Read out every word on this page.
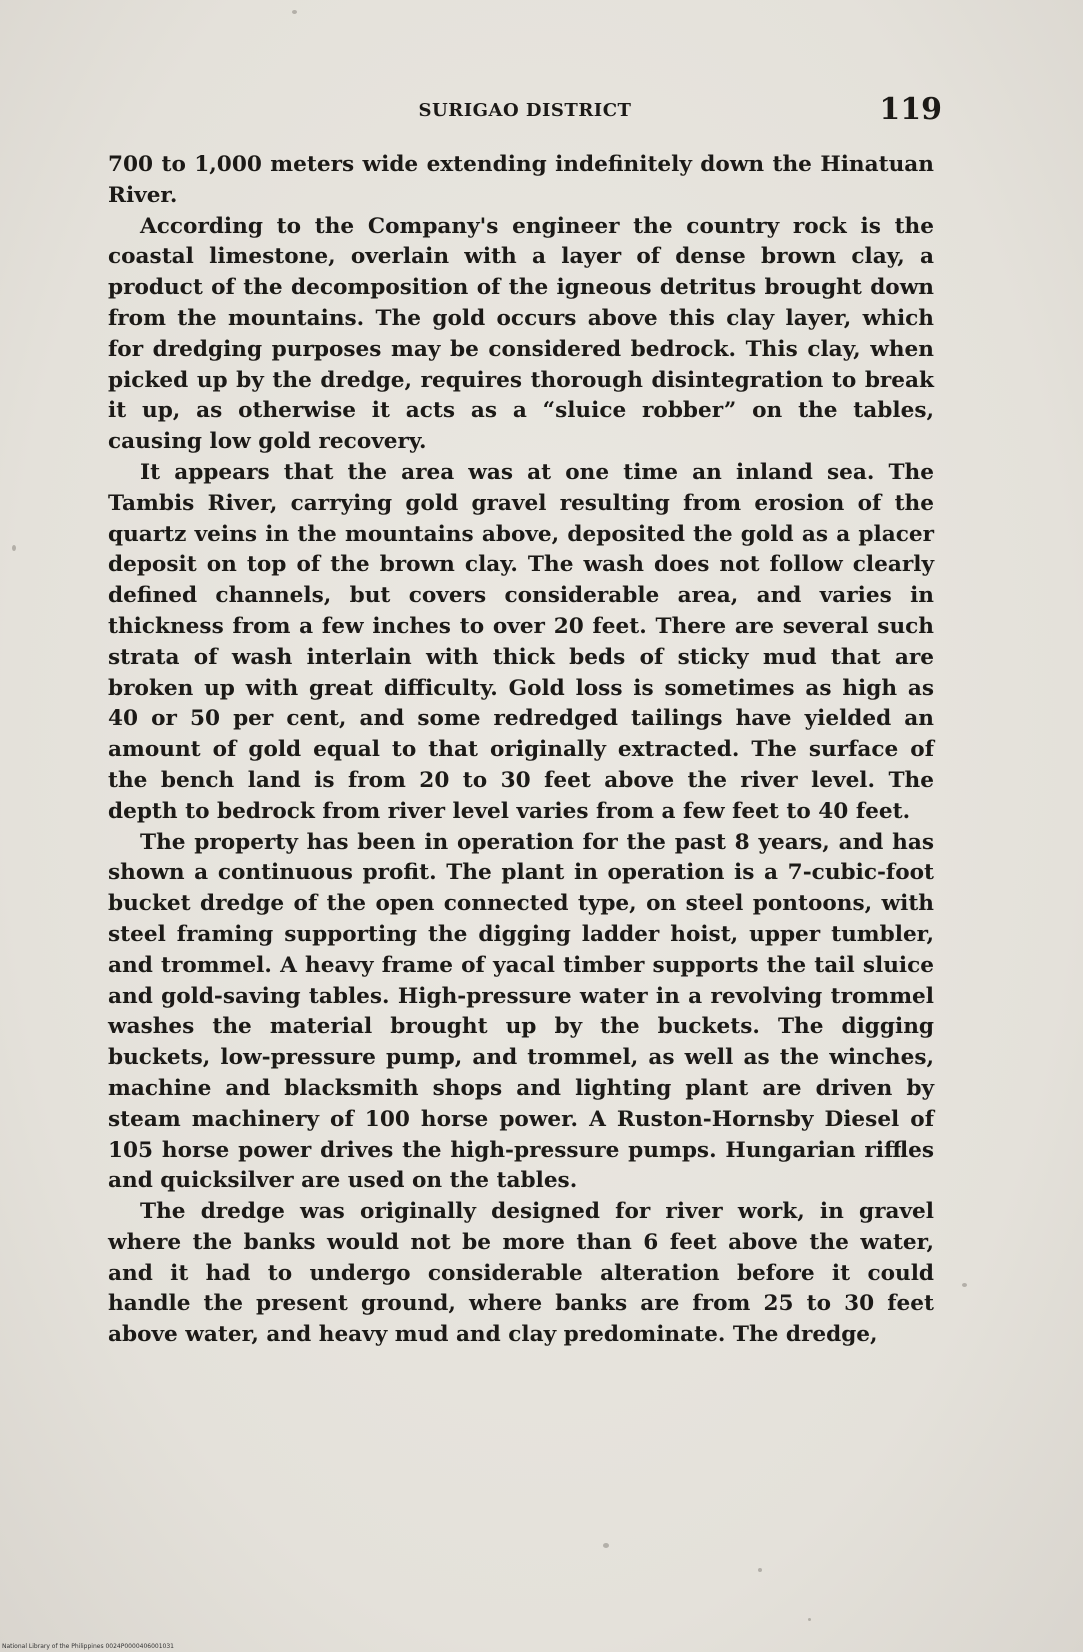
SURIGAO DISTRICT	119

700 to 1,000 meters wide extending indefinitely down the Hinatuan River.

According to the Company's engineer the country rock is the coastal limestone, overlain with a layer of dense brown clay, a product of the decomposition of the igneous detritus brought down from the mountains. The gold occurs above this clay layer, which for dredging purposes may be considered bedrock. This clay, when picked up by the dredge, requires thorough disintegration to break it up, as otherwise it acts as a “sluice robber” on the tables, causing low gold recovery.

It appears that the area was at one time an inland sea. The Tambis River, carrying gold gravel resulting from erosion of the quartz veins in the mountains above, deposited the gold as a placer deposit on top of the brown clay. The wash does not follow clearly defined channels, but covers considerable area, and varies in thickness from a few inches to over 20 feet. There are several such strata of wash interlain with thick beds of sticky mud that are broken up with great difficulty. Gold loss is sometimes as high as 40 or 50 per cent, and some redredged tailings have yielded an amount of gold equal to that originally extracted. The surface of the bench land is from 20 to 30 feet above the river level. The depth to bedrock from river level varies from a few feet to 40 feet.

The property has been in operation for the past 8 years, and has shown a continuous profit. The plant in operation is a 7-cubic-foot bucket dredge of the open connected type, on steel pontoons, with steel framing supporting the digging ladder hoist, upper tumbler, and trommel. A heavy frame of yacal timber supports the tail sluice and gold-saving tables. High-pressure water in a revolving trommel washes the material brought up by the buckets. The digging buckets, low-pressure pump, and trommel, as well as the winches, machine and blacksmith shops and lighting plant are driven by steam machinery of 100 horse power. A Ruston-Hornsby Diesel of 105 horse power drives the high-pressure pumps. Hungarian riffles and quicksilver are used on the tables.

The dredge was originally designed for river work, in gravel where the banks would not be more than 6 feet above the water, and it had to undergo considerable alteration before it could handle the present ground, where banks are from 25 to 30 feet above water, and heavy mud and clay predominate. The dredge,

National Library of the Philippines 0024P0000406001031
